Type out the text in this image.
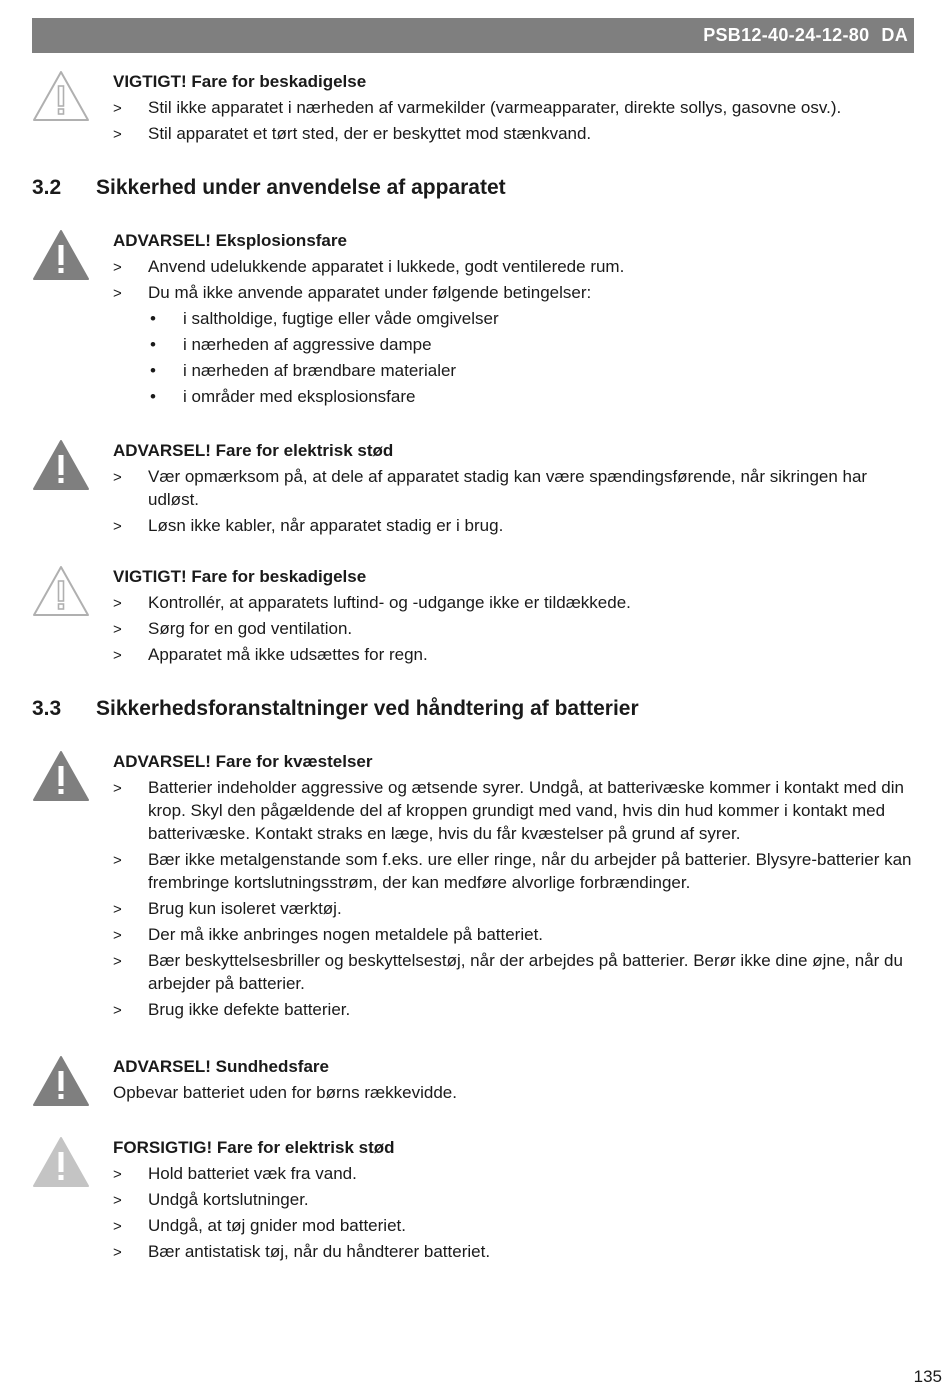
PSB12-40-24-12-80 DA
VIGTIGT! Fare for beskadigelse
> Stil ikke apparatet i nærheden af varmekilder (varmeapparater, direkte sollys, gasovne osv.).
> Stil apparatet et tørt sted, der er beskyttet mod stænkvand.
3.2 Sikkerhed under anvendelse af apparatet
ADVARSEL! Eksplosionsfare
> Anvend udelukkende apparatet i lukkede, godt ventilerede rum.
> Du må ikke anvende apparatet under følgende betingelser:
• i saltholdige, fugtige eller våde omgivelser
• i nærheden af aggressive dampe
• i nærheden af brændbare materialer
• i områder med eksplosionsfare
ADVARSEL! Fare for elektrisk stød
> Vær opmærksom på, at dele af apparatet stadig kan være spændingsførende, når sikringen har udløst.
> Løsn ikke kabler, når apparatet stadig er i brug.
VIGTIGT! Fare for beskadigelse
> Kontrollér, at apparatets luftind- og -udgange ikke er tildækkede.
> Sørg for en god ventilation.
> Apparatet må ikke udsættes for regn.
3.3 Sikkerhedsforanstaltninger ved håndtering af batterier
ADVARSEL! Fare for kvæstelser
> Batterier indeholder aggressive og ætsende syrer. Undgå, at batterivæske kommer i kontakt med din krop. Skyl den pågældende del af kroppen grundigt med vand, hvis din hud kommer i kontakt med batterivæske. Kontakt straks en læge, hvis du får kvæstelser på grund af syrer.
> Bær ikke metalgenstande som f.eks. ure eller ringe, når du arbejder på batterier. Blysyre-batterier kan frembringe kortslutningsstrøm, der kan medføre alvorlige forbrændinger.
> Brug kun isoleret værktøj.
> Der må ikke anbringes nogen metaldele på batteriet.
> Bær beskyttelsesbriller og beskyttelsestøj, når der arbejdes på batterier. Berør ikke dine øjne, når du arbejder på batterier.
> Brug ikke defekte batterier.
ADVARSEL! Sundhedsfare
Opbevar batteriet uden for børns rækkevidde.
FORSIGTIG! Fare for elektrisk stød
> Hold batteriet væk fra vand.
> Undgå kortslutninger.
> Undgå, at tøj gnider mod batteriet.
> Bær antistatisk tøj, når du håndterer batteriet.
135
